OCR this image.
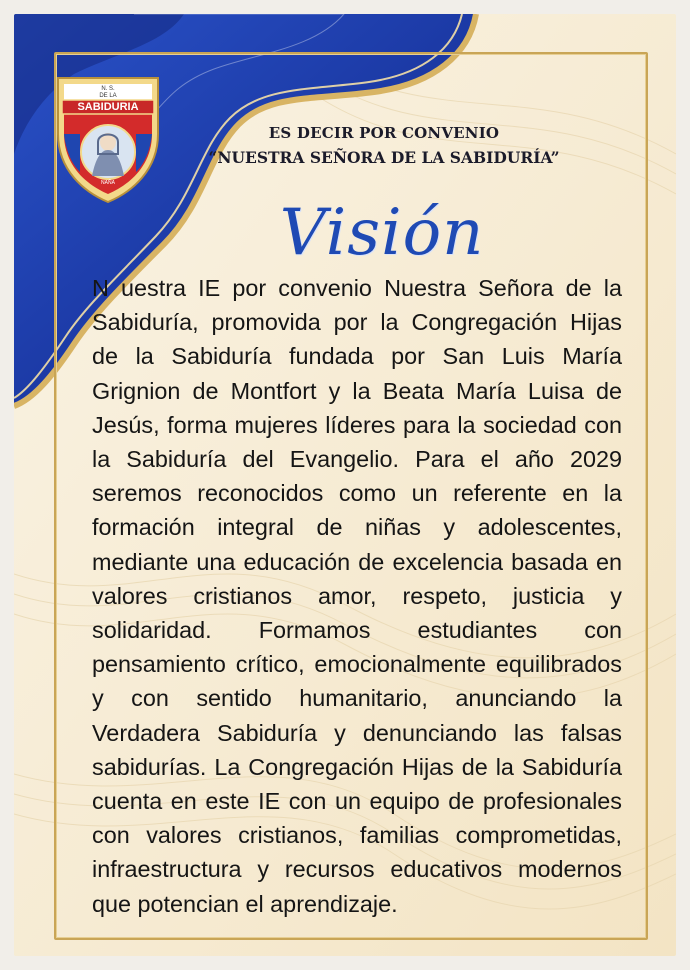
N. S.
DE LA
SABIDURIA
NAÑA
ES DECIR POR CONVENIO
“NUESTRA SEÑORA DE LA SABIDURÍA”
Visión
N uestra IE por convenio Nuestra Señora de la Sabiduría, promovida por la Congregación Hijas de la Sabiduría fundada por San Luis María Grignion de Montfort y la Beata María Luisa de Jesús, forma mujeres líderes para la sociedad con la Sabiduría del Evangelio. Para el año 2029 seremos reconocidos como un referente en la formación integral de niñas y adolescentes, mediante una educación de excelencia basada en valores cristianos amor, respeto, justicia y solidaridad. Formamos estudiantes con pensamiento crítico, emocionalmente equilibrados y con sentido humanitario, anunciando la Verdadera Sabiduría y denunciando las falsas sabidurías. La Congregación Hijas de la Sabiduría cuenta en este IE con un equipo de profesionales con valores cristianos, familias comprometidas, infraestructura y recursos educativos modernos que potencian el aprendizaje.
